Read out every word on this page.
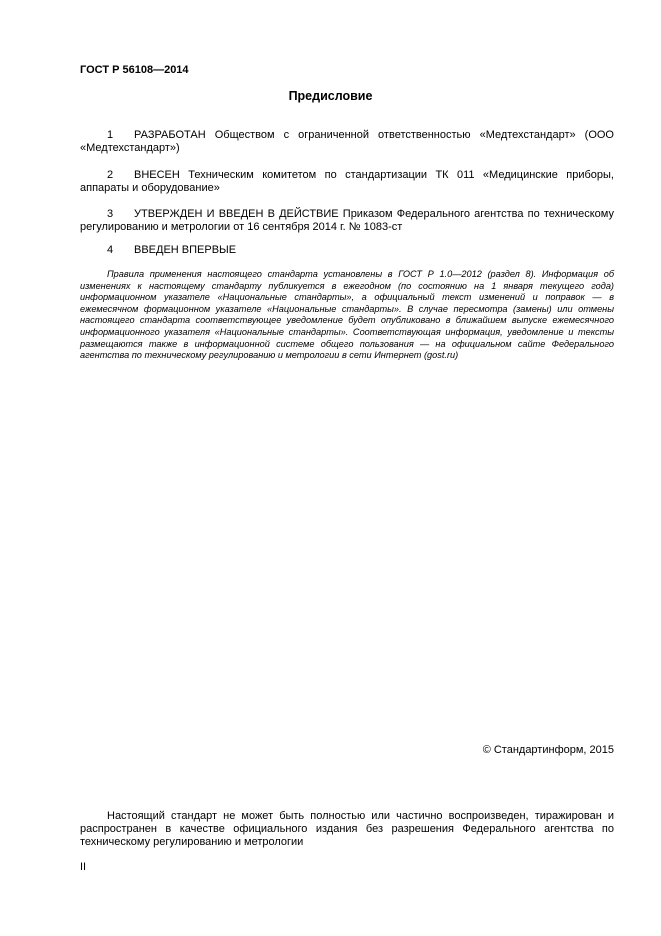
ГОСТ Р 56108—2014
Предисловие
1 РАЗРАБОТАН Обществом с ограниченной ответственностью «Медтехстандарт» (ООО «Медтехстандарт»)
2 ВНЕСЕН Техническим комитетом по стандартизации ТК 011 «Медицинские приборы, аппараты и оборудование»
3 УТВЕРЖДЕН И ВВЕДЕН В ДЕЙСТВИЕ Приказом Федерального агентства по техническому регулированию и метрологии от 16 сентября 2014 г. № 1083-ст
4 ВВЕДЕН ВПЕРВЫЕ
Правила применения настоящего стандарта установлены в ГОСТ Р 1.0—2012 (раздел 8). Информация об изменениях к настоящему стандарту публикуется в ежегодном (по состоянию на 1 января текущего года) информационном указателе «Национальные стандарты», а официальный текст изменений и поправок — в ежемесячном формационном указателе «Национальные стандарты». В случае пересмотра (замены) или отмены настоящего стандарта соответствующее уведомление будет опубликовано в ближайшем выпуске ежемесячного информационного указателя «Национальные стандарты». Соответствующая информация, уведомление и тексты размещаются также в информационной системе общего пользования — на официальном сайте Федерального агентства по техническому регулированию и метрологии в сети Интернет (gost.ru)
© Стандартинформ, 2015
Настоящий стандарт не может быть полностью или частично воспроизведен, тиражирован и распространен в качестве официального издания без разрешения Федерального агентства по техническому регулированию и метрологии
II
